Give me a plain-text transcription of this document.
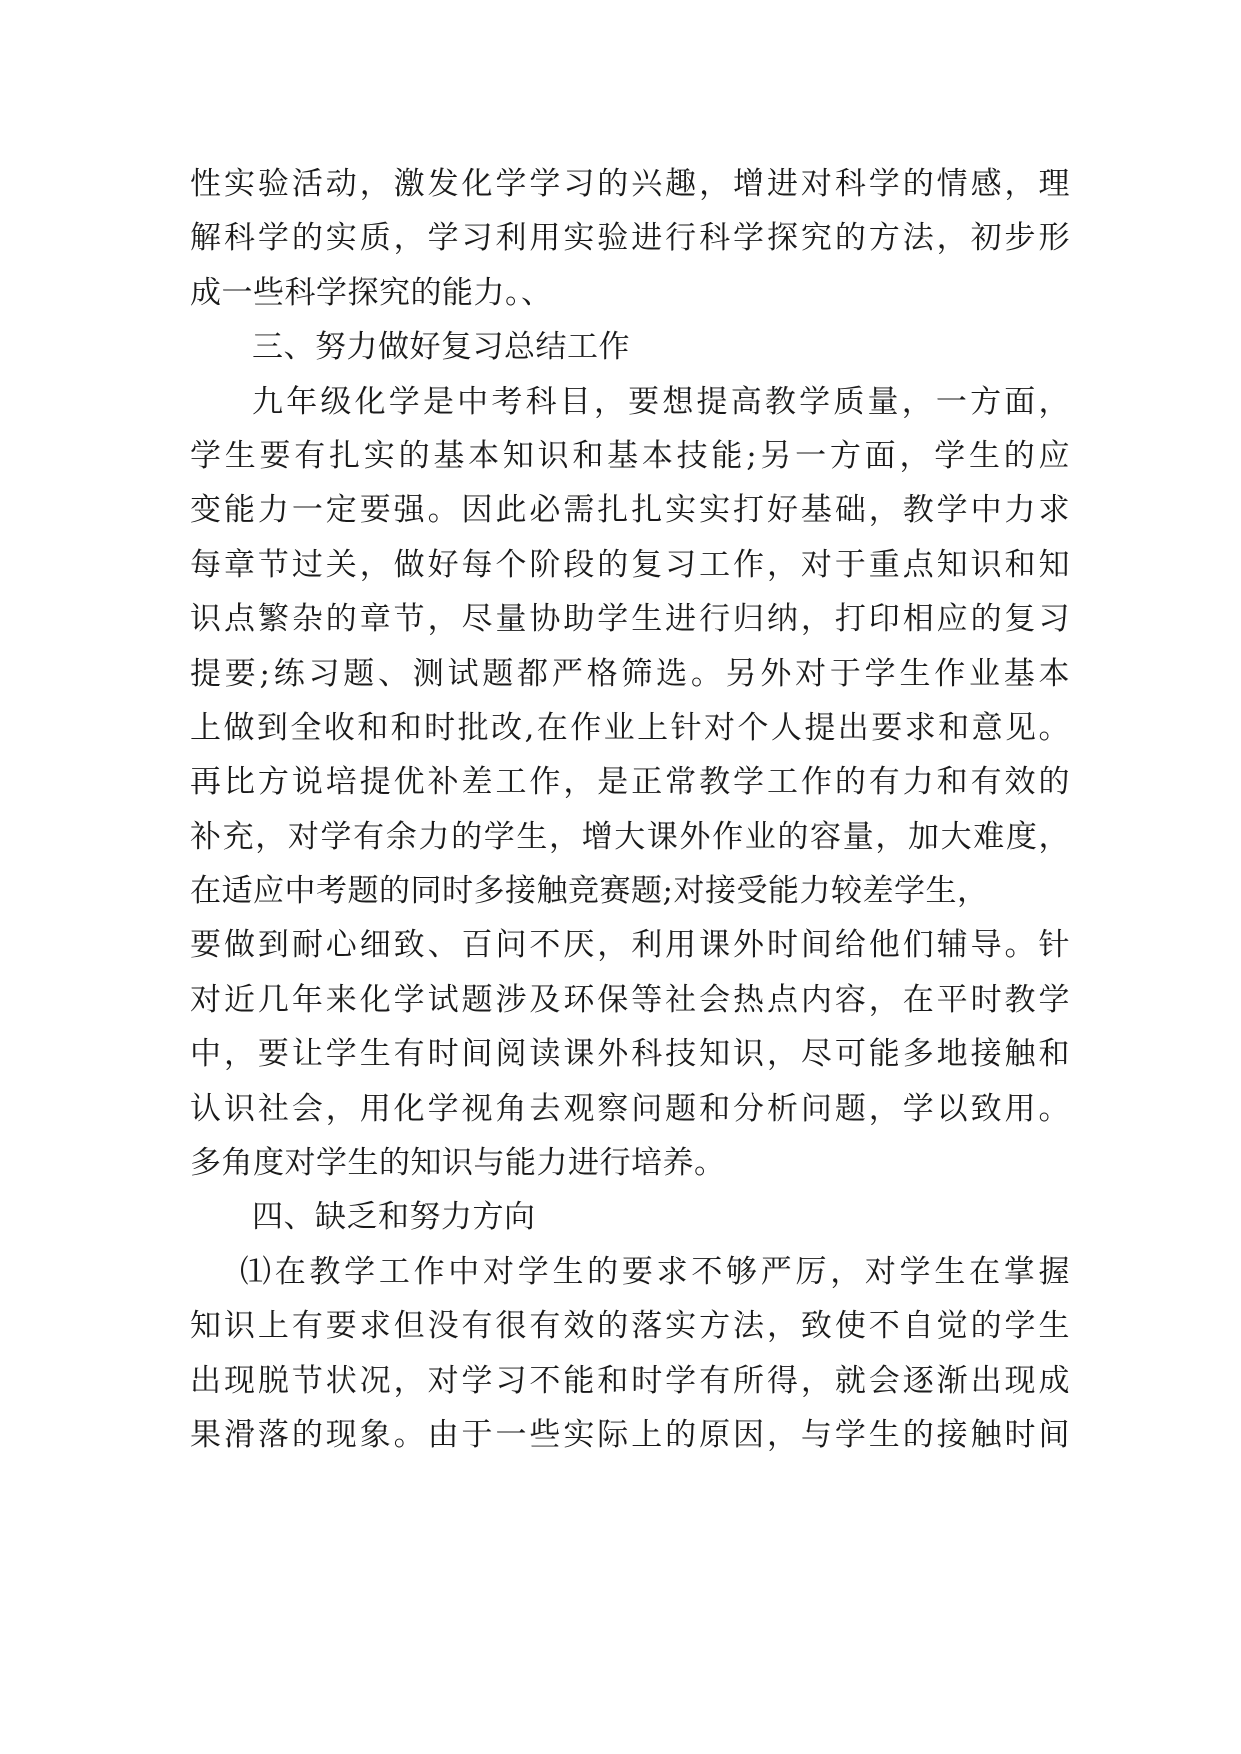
性实验活动，激发化学学习的兴趣，增进对科学的情感，理
解科学的实质，学习利用实验进行科学探究的方法，初步形
成一些科学探究的能力。、
三、努力做好复习总结工作
九年级化学是中考科目，要想提高教学质量，一方面，
学生要有扎实的基本知识和基本技能;另一方面，学生的应
变能力一定要强。因此必需扎扎实实打好基础，教学中力求
每章节过关，做好每个阶段的复习工作，对于重点知识和知
识点繁杂的章节，尽量协助学生进行归纳，打印相应的复习
提要;练习题、测试题都严格筛选。另外对于学生作业基本
上做到全收和和时批改,在作业上针对个人提出要求和意见。
再比方说培提优补差工作，是正常教学工作的有力和有效的
补充，对学有余力的学生，增大课外作业的容量，加大难度，
在适应中考题的同时多接触竞赛题;对接受能力较差学生，
要做到耐心细致、百问不厌，利用课外时间给他们辅导。针
对近几年来化学试题涉及环保等社会热点内容，在平时教学
中，要让学生有时间阅读课外科技知识，尽可能多地接触和
认识社会，用化学视角去观察问题和分析问题，学以致用。
多角度对学生的知识与能力进行培养。
四、缺乏和努力方向
⑴在教学工作中对学生的要求不够严厉，对学生在掌握
知识上有要求但没有很有效的落实方法，致使不自觉的学生
出现脱节状况，对学习不能和时学有所得，就会逐渐出现成
果滑落的现象。由于一些实际上的原因，与学生的接触时间
